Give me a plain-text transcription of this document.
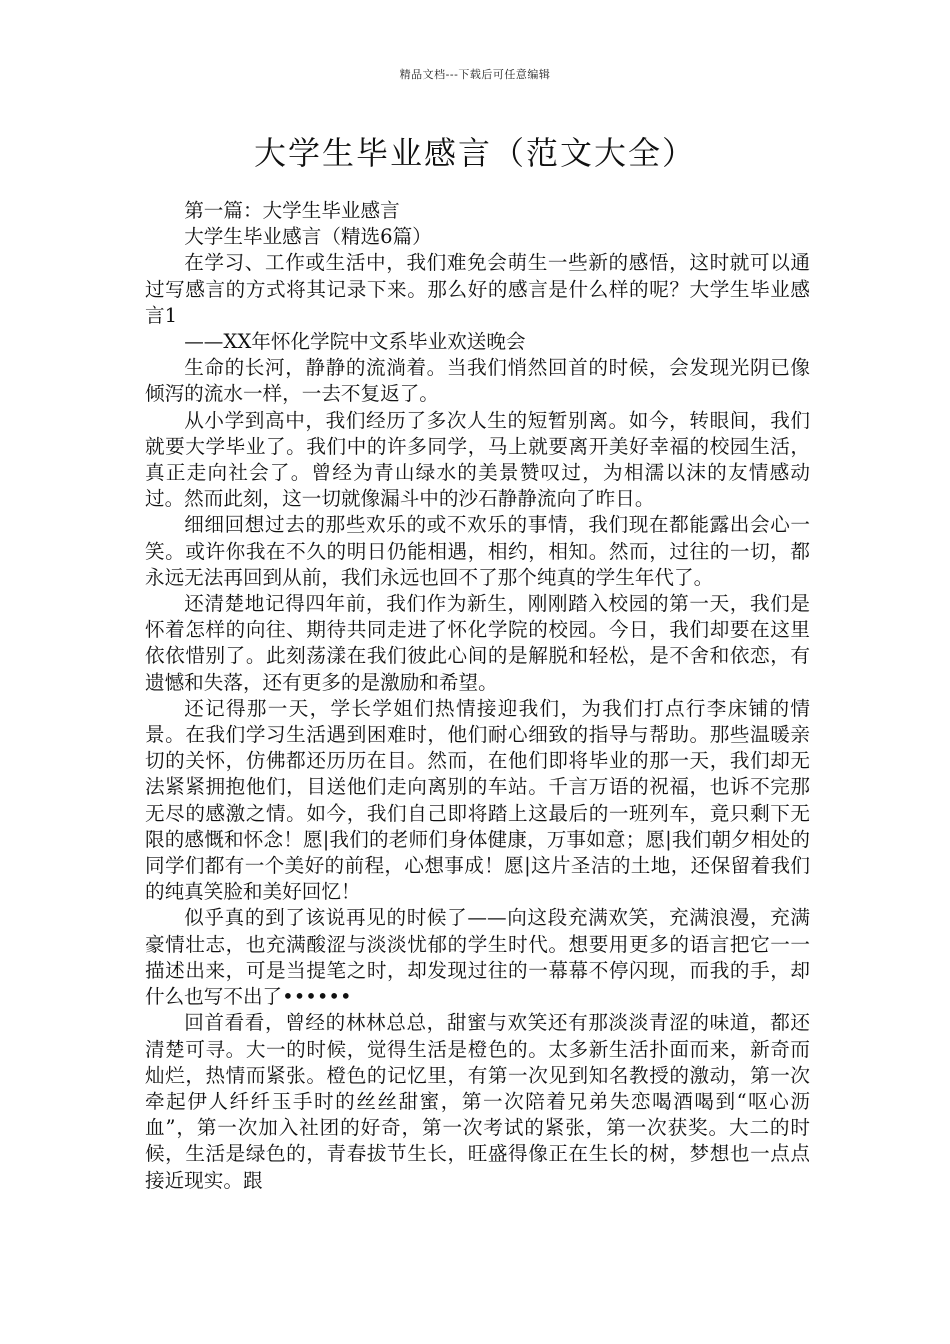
精品文档---下载后可任意编辑
大学生毕业感言（范文大全）

第一篇：大学生毕业感言

大学生毕业感言（精选6篇）

在学习、工作或生活中，我们难免会萌生一些新的感悟，这时就可以通过写感言的方式将其记录下来。那么好的感言是什么样的呢？大学生毕业感言1

——XX年怀化学院中文系毕业欢送晚会

生命的长河，静静的流淌着。当我们悄然回首的时候，会发现光阴已像倾泻的流水一样，一去不复返了。

从小学到高中，我们经历了多次人生的短暂别离。如今，转眼间，我们就要大学毕业了。我们中的许多同学，马上就要离开美好幸福的校园生活，真正走向社会了。曾经为青山绿水的美景赞叹过，为相濡以沫的友情感动过。然而此刻，这一切就像漏斗中的沙石静静流向了昨日。

细细回想过去的那些欢乐的或不欢乐的事情，我们现在都能露出会心一笑。或许你我在不久的明日仍能相遇，相约，相知。然而，过往的一切，都永远无法再回到从前，我们永远也回不了那个纯真的学生年代了。

还清楚地记得四年前，我们作为新生，刚刚踏入校园的第一天，我们是怀着怎样的向往、期待共同走进了怀化学院的校园。今日，我们却要在这里依依惜别了。此刻荡漾在我们彼此心间的是解脱和轻松，是不舍和依恋，有遗憾和失落，还有更多的是激励和希望。

还记得那一天，学长学姐们热情接迎我们，为我们打点行李床铺的情景。在我们学习生活遇到困难时，他们耐心细致的指导与帮助。那些温暖亲切的关怀，仿佛都还历历在目。然而，在他们即将毕业的那一天，我们却无法紧紧拥抱他们，目送他们走向离别的车站。千言万语的祝福，也诉不完那无尽的感激之情。如今，我们自己即将踏上这最后的一班列车，竟只剩下无限的感慨和怀念！愿|我们的老师们身体健康，万事如意；愿|我们朝夕相处的同学们都有一个美好的前程，心想事成！愿|这片圣洁的土地，还保留着我们的纯真笑脸和美好回忆！

似乎真的到了该说再见的时候了——向这段充满欢笑，充满浪漫，充满豪情壮志，也充满酸涩与淡淡忧郁的学生时代。想要用更多的语言把它一一描述出来，可是当提笔之时，却发现过往的一幕幕不停闪现，而我的手，却什么也写不出了••••••

回首看看，曾经的林林总总，甜蜜与欢笑还有那淡淡青涩的味道，都还清楚可寻。大一的时候，觉得生活是橙色的。太多新生活扑面而来，新奇而灿烂，热情而紧张。橙色的记忆里，有第一次见到知名教授的激动，第一次牵起伊人纤纤玉手时的丝丝甜蜜，第一次陪着兄弟失恋喝酒喝到“呕心沥血”，第一次加入社团的好奇，第一次考试的紧张，第一次获奖。大二的时候，生活是绿色的，青春拔节生长，旺盛得像正在生长的树，梦想也一点点接近现实。跟
